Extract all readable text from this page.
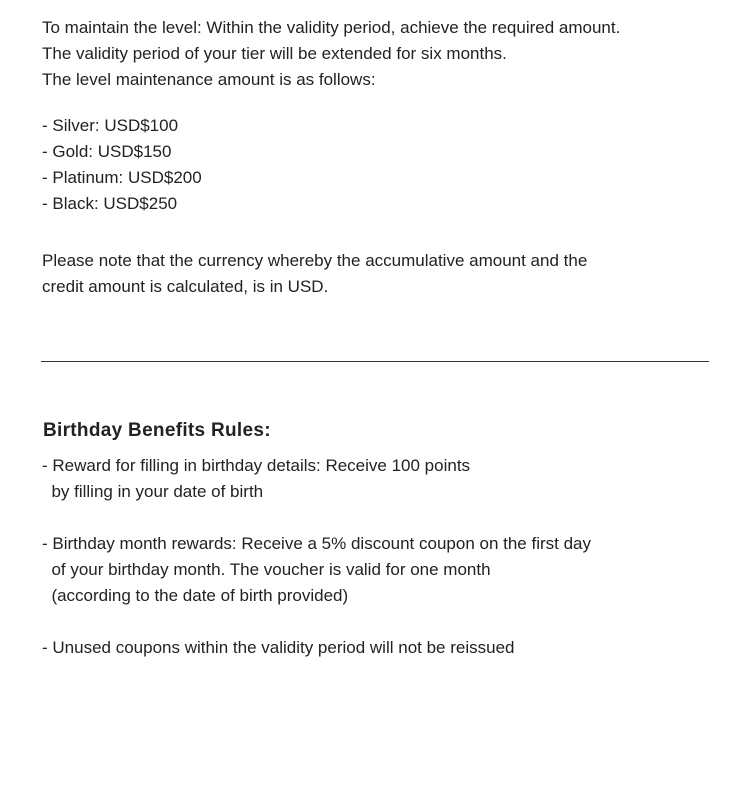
To maintain the level: Within the validity period, achieve the required amount.

The validity period of your tier will be extended for six months.

The level maintenance amount is as follows:

- Silver: USD$100

- Gold: USD$150

- Platinum: USD$200

- Black: USD$250

Please note that the currency whereby the accumulative amount and the

credit amount is calculated, is in USD.

Birthday Benefits Rules:

- Reward for filling in birthday details: Receive 100 points

by filling in your date of birth

- Birthday month rewards: Receive a 5% discount coupon on the first day

of your birthday month. The voucher is valid for one month

(according to the date of birth provided)

- Unused coupons within the validity period will not be reissued
